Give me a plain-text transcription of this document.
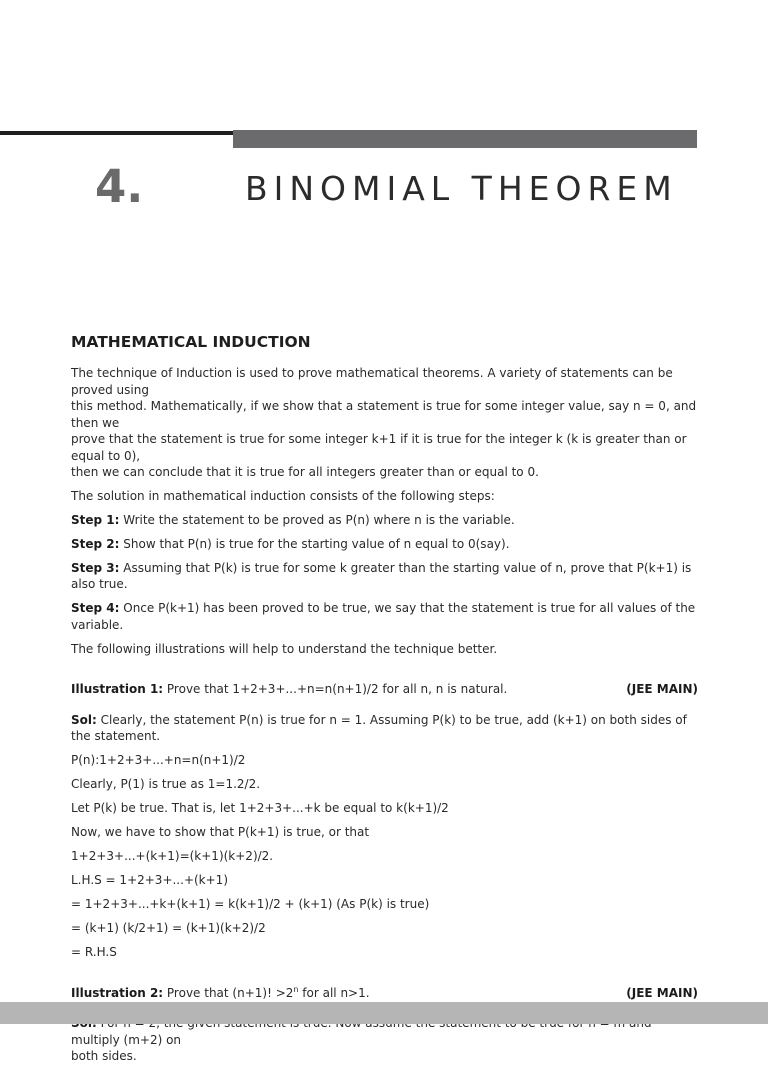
4.	BINOMIAL THEOREM
MATHEMATICAL INDUCTION

The technique of Induction is used to prove mathematical theorems. A variety of statements can be proved using
this method. Mathematically, if we show that a statement is true for some integer value, say n = 0, and then we
prove that the statement is true for some integer k+1 if it is true for the integer k (k is greater than or equal to 0),
then we can conclude that it is true for all integers greater than or equal to 0.

The solution in mathematical induction consists of the following steps:

Step 1: Write the statement to be proved as P(n) where n is the variable.

Step 2: Show that P(n) is true for the starting value of n equal to 0(say).

Step 3: Assuming that P(k) is true for some k greater than the starting value of n, prove that P(k+1) is also true.

Step 4: Once P(k+1) has been proved to be true, we say that the statement is true for all values of the variable.

The following illustrations will help to understand the technique better.

Illustration 1: Prove that 1+2+3+...+n=n(n+1)/2 for all n, n is natural.	(JEE MAIN)

Sol: Clearly, the statement P(n) is true for n = 1. Assuming P(k) to be true, add (k+1) on both sides of the statement.

P(n):1+2+3+...+n=n(n+1)/2

Clearly, P(1) is true as 1=1.2/2.

Let P(k) be true. That is, let 1+2+3+...+k be equal to k(k+1)/2

Now, we have to show that P(k+1) is true, or that

1+2+3+...+(k+1)=(k+1)(k+2)/2.

L.H.S = 1+2+3+...+(k+1)

= 1+2+3+...+k+(k+1) = k(k+1)/2 + (k+1) (As P(k) is true)

= (k+1) (k/2+1) = (k+1)(k+2)/2

= R.H.S

Illustration 2: Prove that (n+1)! $>2^n$ for all n>1.	(JEE MAIN)

multiply (m+2) on
both sides.
